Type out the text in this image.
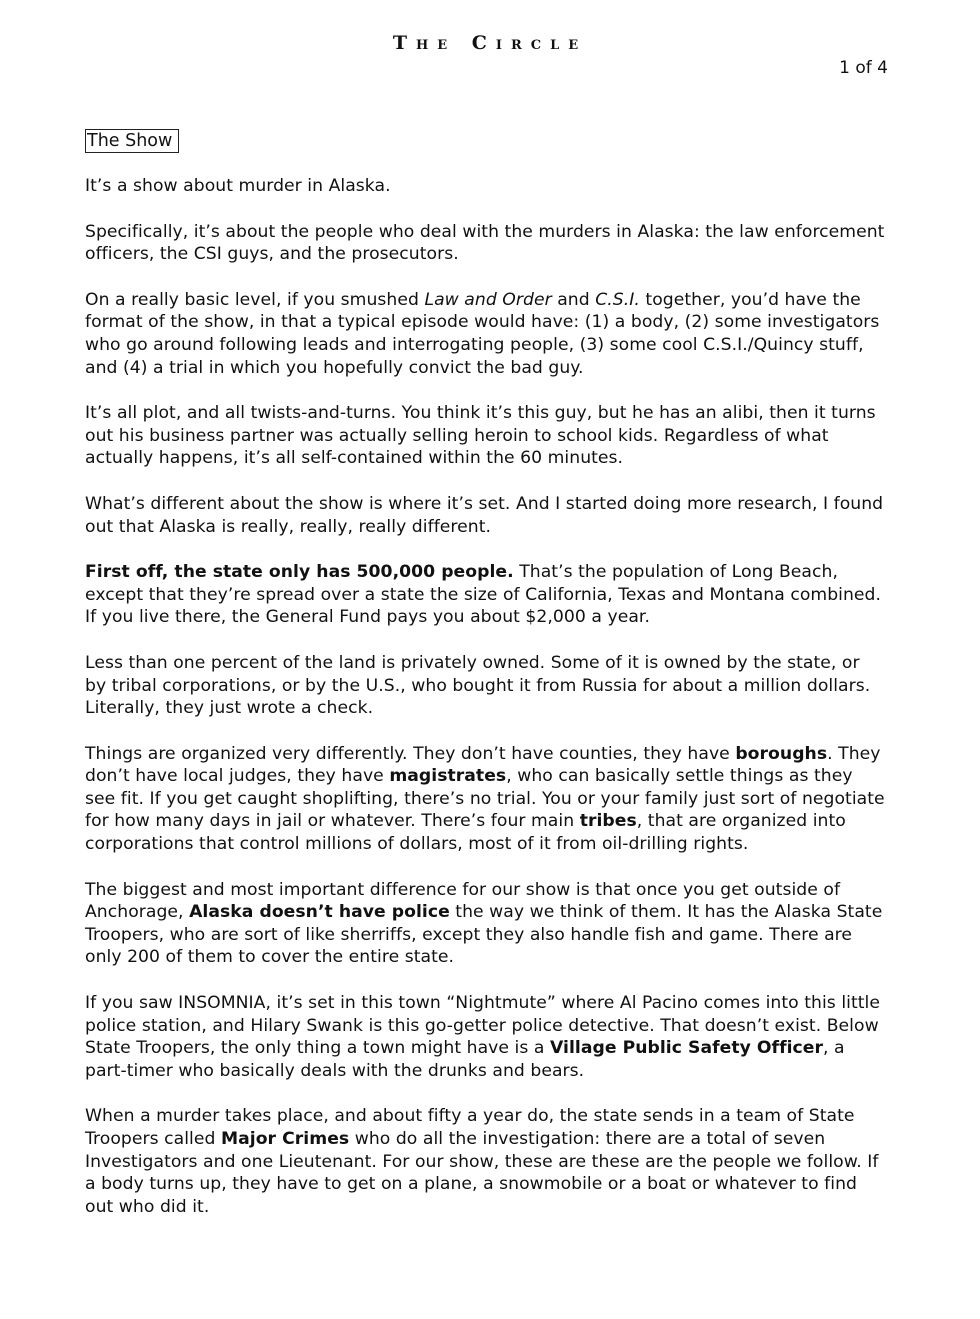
The Circle
1 of 4
The Show

It’s a show about murder in Alaska.

Specifically, it’s about the people who deal with the murders in Alaska: the law enforcement officers, the CSI guys, and the prosecutors.

On a really basic level, if you smushed Law and Order and C.S.I. together, you’d have the format of the show, in that a typical episode would have: (1) a body, (2) some investigators who go around following leads and interrogating people, (3) some cool C.S.I./Quincy stuff, and (4) a trial in which you hopefully convict the bad guy.

It’s all plot, and all twists-and-turns. You think it’s this guy, but he has an alibi, then it turns out his business partner was actually selling heroin to school kids. Regardless of what actually happens, it’s all self-contained within the 60 minutes.

What’s different about the show is where it’s set. And I started doing more research, I found out that Alaska is really, really, really different.

First off, the state only has 500,000 people. That’s the population of Long Beach, except that they’re spread over a state the size of California, Texas and Montana combined. If you live there, the General Fund pays you about $2,000 a year.

Less than one percent of the land is privately owned. Some of it is owned by the state, or by tribal corporations, or by the U.S., who bought it from Russia for about a million dollars. Literally, they just wrote a check.

Things are organized very differently. They don’t have counties, they have boroughs. They don’t have local judges, they have magistrates, who can basically settle things as they see fit. If you get caught shoplifting, there’s no trial. You or your family just sort of negotiate for how many days in jail or whatever. There’s four main tribes, that are organized into corporations that control millions of dollars, most of it from oil-drilling rights.

The biggest and most important difference for our show is that once you get outside of Anchorage, Alaska doesn’t have police the way we think of them. It has the Alaska State Troopers, who are sort of like sherriffs, except they also handle fish and game. There are only 200 of them to cover the entire state.

If you saw INSOMNIA, it’s set in this town “Nightmute” where Al Pacino comes into this little police station, and Hilary Swank is this go-getter police detective. That doesn’t exist. Below State Troopers, the only thing a town might have is a Village Public Safety Officer, a part-timer who basically deals with the drunks and bears.

When a murder takes place, and about fifty a year do, the state sends in a team of State Troopers called Major Crimes who do all the investigation: there are a total of seven Investigators and one Lieutenant. For our show, these are these are the people we follow. If a body turns up, they have to get on a plane, a snowmobile or a boat or whatever to find out who did it.
